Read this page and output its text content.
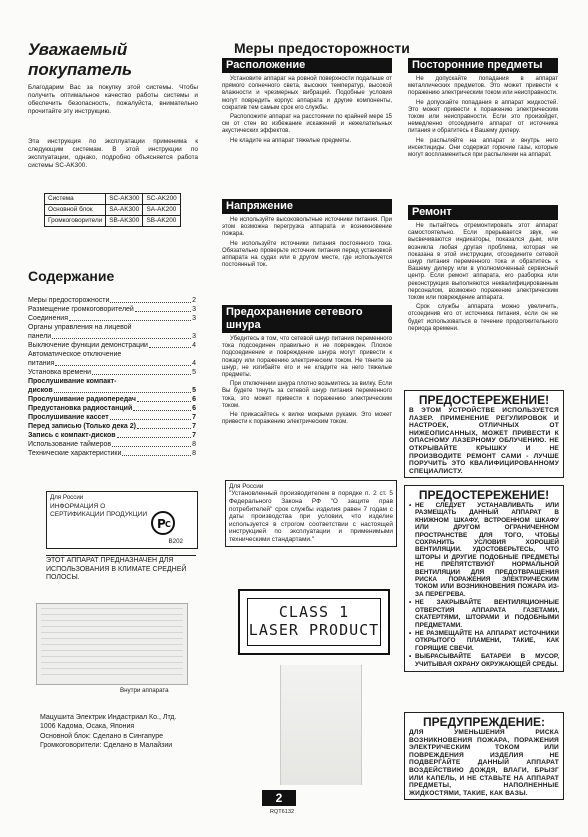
Уважаемый покупатель
Благодарим Вас за покупку этой системы. Чтобы получить оптимальное качество работы системы и обеспечить безопасность, пожалуйста, внимательно прочитайте эту инструкцию.
Эта инструкция по эксплуатации применима к следующим системам. В этой инструкции по эксплуатации, однако, подробно объясняется работа системы SC-AK300.
Система	SC-AK300	SC-AK200
Основной блок	SA-AK300	SA-AK200
Громкоговорители	SB-AK300	SB-AK200
Содержание
Меры предосторожности	2
Размещение громкоговорителей	3
Соединения	3
Органы управления на лицевой
панели	3
Выключение функции демонстрации	4
Автоматическое отключение
питания	4
Установка времени	5
Прослушивание компакт-
дисков	5
Прослушивание радиопередач	6
Предустановка радиостанций	6
Прослушивание кассет	7
Перед записью (Только дека 2)	7
Запись с компакт-дисков	7
Использование таймеров	8
Технические характеристики	8
Для России
ИНФОРМАЦИЯ О СЕРТИФИКАЦИИ ПРОДУКЦИИ
P C
В202
ЭТОТ АППАРАТ ПРЕДНАЗНАЧЕН ДЛЯ ИСПОЛЬЗОВАНИЯ В КЛИМАТЕ СРЕДНЕЙ ПОЛОСЫ.
Внутри аппарата
Мацушита Электрик Индастриал Ко., Лтд.
1006 Кадома, Осака, Япония
Основной блок: Сделано в Сингапуре
Громкоговорители: Сделано в Малайзии
Меры предосторожности
Расположение

Установите аппарат на ровной поверхности подальше от прямого солнечного света, высоких температур, высокой влажности и чрезмерных вибраций. Подобные условия могут повредить корпус аппарата и другие компоненты, сократив тем самым срок его службы.

Расположите аппарат на расстоянии по крайней мере 15 см от стен во избежание искажений и нежелательных акустических эффектов.

Не кладите на аппарат тяжелые предметы.

Напряжение

Не используйте высоковольтные источники питания. При этом возможна перегрузка аппарата и возникновение пожара.

Не используйте источники питания постоянного тока. Обязательно проверьте источник питания перед установкой аппарата на судах или в другом месте, где используется постоянный ток.

Предохранение сетевого шнура

Убедитесь в том, что сетевой шнур питания переменного тока подсоединен правильно и не поврежден. Плохое подсоединение и повреждение шнура могут привести к пожару или поражению электрическим током. Не тяните за шнур, не изгибайте его и не кладите на него тяжелые предметы.

При отключении шнура плотно возьмитесь за вилку. Если Вы будете тянуть за сетевой шнур питания переменного тока, это может привести к поражению электрическим током.

Не прикасайтесь к вилке мокрыми руками. Это может привести к поражению электрическим током.

Для России
"Установленный производителем в порядке п. 2 ст. 5 Федерального Закона РФ "О защите прав потребителей" срок службы изделия равен 7 годам с даты производства при условии, что изделие используется в строгом соответствии с настоящей инструкцией по эксплуатации и применимыми техническими стандартами."
CLASS 1
LASER PRODUCT
2
RQT6132
Посторонние предметы

Не допускайте попадания в аппарат металлических предметов. Это может привести к поражению электрическим током или неисправности.

Не допускайте попадания в аппарат жидкостей. Это может привести к поражению электрическим током или неисправности. Если это произойдет, немедленно отсоедините аппарат от источника питания и обратитесь к Вашему дилеру.

Не распыляйте на аппарат и внутрь него инсектициды. Они содержат горючие газы, которые могут воспламениться при распылении на аппарат.

Ремонт

Не пытайтесь отремонтировать этот аппарат самостоятельно. Если прерывается звук, не высвечиваются индикаторы, показался дым, или возникла любая другая проблема, которая не показана в этой инструкции, отсоедините сетевой шнур питания переменного тока и обратитесь к Вашему дилеру или в уполномоченный сервисный центр. Если ремонт аппарата, его разборка или реконструкция выполняются неквалифицированным персоналом, возможно поражение электрическим током или повреждение аппарата.

Срок службы аппарата можно увеличить, отсоединив его от источника питания, если он не будет использоваться в течение продолжительного периода времени.

ПРЕДОСТЕРЕЖЕНИЕ!
В ЭТОМ УСТРОЙСТВЕ ИСПОЛЬЗУЕТСЯ ЛАЗЕР. ПРИМЕНЕНИЕ РЕГУЛИРОВОК И НАСТРОЕК, ОТЛИЧНЫХ ОТ НИЖЕОПИСАННЫХ, МОЖЕТ ПРИВЕСТИ К ОПАСНОМУ ЛАЗЕРНОМУ ОБЛУЧЕНИЮ. НЕ ОТКРЫВАЙТЕ КРЫШКУ И НЕ ПРОИЗВОДИТЕ РЕМОНТ САМИ - ЛУЧШЕ ПОРУЧИТЬ ЭТО КВАЛИФИЦИРОВАННОМУ СПЕЦИАЛИСТУ.
ПРЕДОСТЕРЕЖЕНИЕ!
• НЕ СЛЕДУЕТ УСТАНАВЛИВАТЬ ИЛИ РАЗМЕЩАТЬ ДАННЫЙ АППАРАТ В КНИЖНОМ ШКАФУ, ВСТРОЕННОМ ШКАФУ ИЛИ ДРУГОМ ОГРАНИЧЕННОМ ПРОСТРАНСТВЕ ДЛЯ ТОГО, ЧТОБЫ СОХРАНИТЬ УСЛОВИЯ ХОРОШЕЙ ВЕНТИЛЯЦИИ. УДОСТОВЕРЬТЕСЬ, ЧТО ШТОРЫ И ДРУГИЕ ПОДОБНЫЕ ПРЕДМЕТЫ НЕ ПРЕПЯТСТВУЮТ НОРМАЛЬНОЙ ВЕНТИЛЯЦИИ ДЛЯ ПРЕДОТВРАЩЕНИЯ РИСКА ПОРАЖЕНИЯ ЭЛЕКТРИЧЕСКИМ ТОКОМ ИЛИ ВОЗНИКНОВЕНИЯ ПОЖАРА ИЗ-ЗА ПЕРЕГРЕВА.
• НЕ ЗАКРЫВАЙТЕ ВЕНТИЛЯЦИОННЫЕ ОТВЕРСТИЯ АППАРАТА ГАЗЕТАМИ, СКАТЕРТЯМИ, ШТОРАМИ И ПОДОБНЫМИ ПРЕДМЕТАМИ.
• НЕ РАЗМЕЩАЙТЕ НА АППАРАТ ИСТОЧНИКИ ОТКРЫТОГО ПЛАМЕНИ, ТАКИЕ, КАК ГОРЯЩИЕ СВЕЧИ.
• ВЫБРАСЫВАЙТЕ БАТАРЕИ В МУСОР, УЧИТЫВАЯ ОХРАНУ ОКРУЖАЮЩЕЙ СРЕДЫ.
ПРЕДУПРЕЖДЕНИЕ:
ДЛЯ УМЕНЬШЕНИЯ РИСКА ВОЗНИКНОВЕНИЯ ПОЖАРА, ПОРАЖЕНИЯ ЭЛЕКТРИЧЕСКИМ ТОКОМ ИЛИ ПОВРЕЖДЕНИЯ ИЗДЕЛИЯ НЕ ПОДВЕРГАЙТЕ ДАННЫЙ АППАРАТ ВОЗДЕЙСТВИЮ ДОЖДЯ, ВЛАГИ, БРЫЗГ ИЛИ КАПЕЛЬ, И НЕ СТАВЬТЕ НА АППАРАТ ПРЕДМЕТЫ, НАПОЛНЕННЫЕ ЖИДКОСТЯМИ, ТАКИЕ, КАК ВАЗЫ.
